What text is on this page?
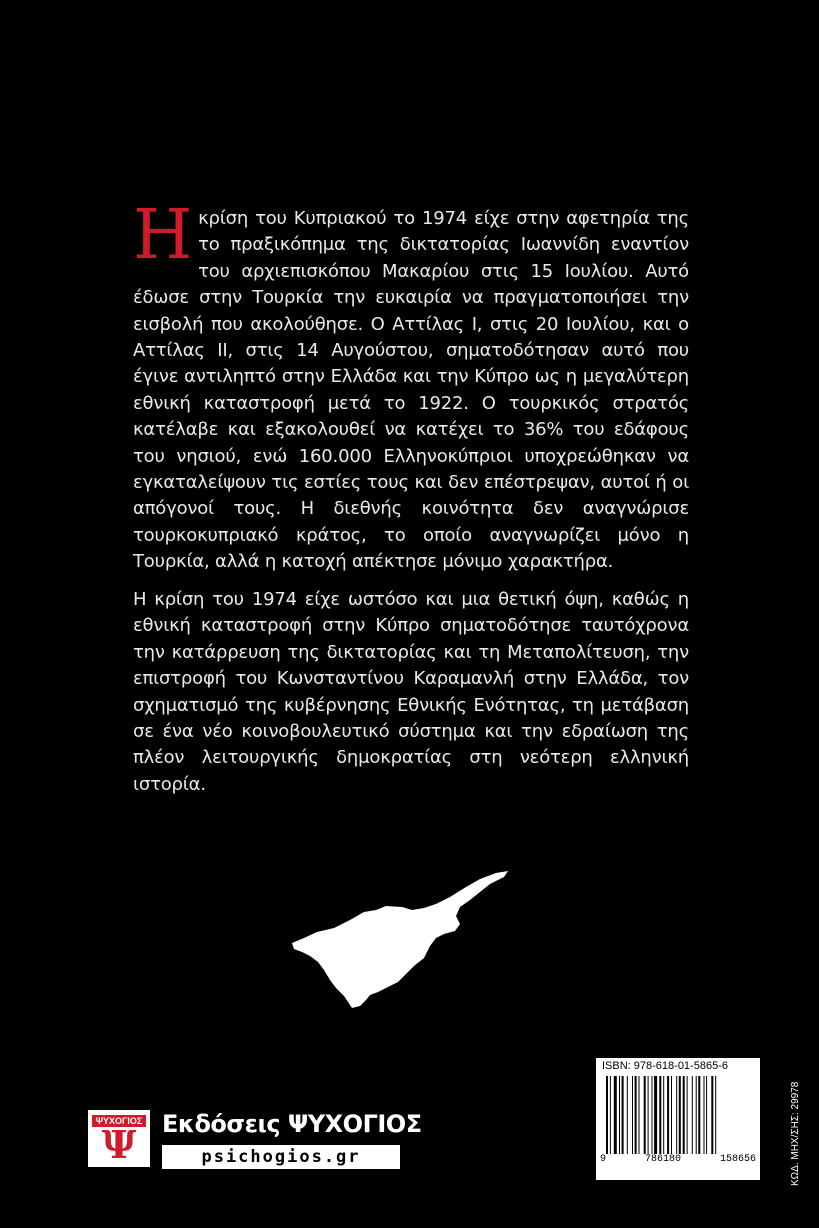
Ηκρίση του Κυπριακού το 1974 είχε στην αφετηρία της το πραξικόπημα της δικτατορίας Ιωαννίδη εναντίον του αρχιεπισκόπου Μακαρίου στις 15 Ιουλίου. Αυτό έδωσε στην Τουρκία την ευκαιρία να πραγματοποιήσει την εισβολή που ακολούθησε. Ο Αττίλας Ι, στις 20 Ιουλίου, και ο Αττίλας ΙΙ, στις 14 Αυγούστου, σηματοδότησαν αυτό που έγινε αντιληπτό στην Ελλάδα και την Κύπρο ως η μεγαλύτερη εθνική καταστροφή μετά το 1922. Ο τουρκικός στρατός κατέλαβε και εξακολουθεί να κατέχει το 36% του εδάφους του νησιού, ενώ 160.000 Ελληνοκύπριοι υποχρεώθηκαν να εγκαταλείψουν τις εστίες τους και δεν επέστρεψαν, αυτοί ή οι απόγονοί τους. Η διεθνής κοινότητα δεν αναγνώρισε τουρκοκυπριακό κράτος, το οποίο αναγνωρίζει μόνο η Τουρκία, αλλά η κατοχή απέκτησε μόνιμο χαρακτήρα.
Η κρίση του 1974 είχε ωστόσο και μια θετική όψη, καθώς η εθνική καταστροφή στην Κύπρο σηματοδότησε ταυτόχρονα την κατάρρευση της δικτατορίας και τη Μεταπολίτευση, την επιστροφή του Κωνσταντίνου Καραμανλή στην Ελλάδα, τον σχηματισμό της κυβέρνησης Εθνικής Ενότητας, τη μετάβαση σε ένα νέο κοινοβουλευτικό σύστημα και την εδραίωση της πλέον λειτουργικής δημοκρατίας στη νεότερη ελληνική ιστορία.
ΨΥΧΟΓΙΟΣ
Ψ	Εκδόσεις ΨΥΧΟΓΙΟΣ
psichogios.gr
ISBN: 978-618-01-5865-6
9	786180	158656	ΚΩΔ. ΜΗΧ/ΣΗΣ: 29978
